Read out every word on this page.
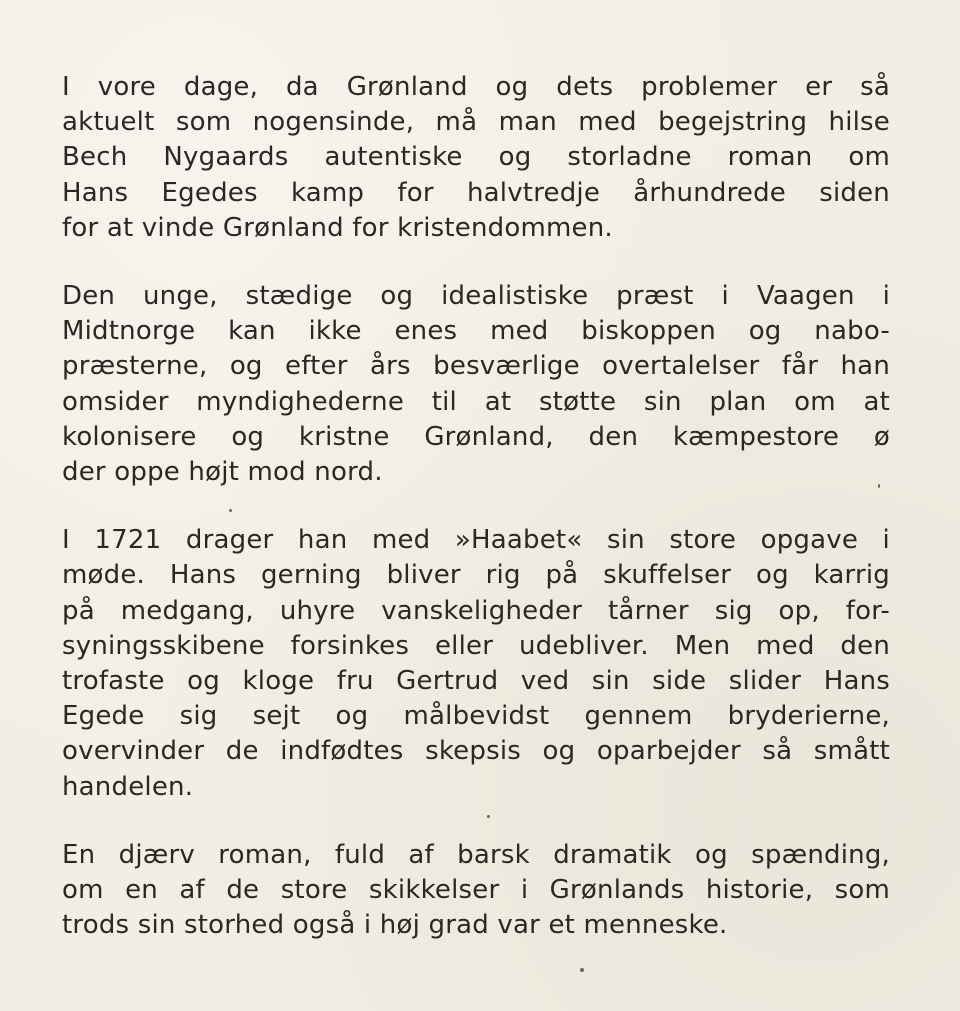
I vore dage, da Grønland og dets problemer er så
aktuelt som nogensinde, må man med begejstring hilse
Bech Nygaards autentiske og storladne roman om
Hans Egedes kamp for halvtredje århundrede siden
for at vinde Grønland for kristendommen.

Den unge, stædige og idealistiske præst i Vaagen i
Midtnorge kan ikke enes med biskoppen og nabo-
præsterne, og efter års besværlige overtalelser får han
omsider myndighederne til at støtte sin plan om at
kolonisere og kristne Grønland, den kæmpestore ø
der oppe højt mod nord.

I 1721 drager han med »Haabet« sin store opgave i
møde. Hans gerning bliver rig på skuffelser og karrig
på medgang, uhyre vanskeligheder tårner sig op, for-
syningsskibene forsinkes eller udebliver. Men med den
trofaste og kloge fru Gertrud ved sin side slider Hans
Egede sig sejt og målbevidst gennem bryderierne,
overvinder de indfødtes skepsis og oparbejder så smått
handelen.

En djærv roman, fuld af barsk dramatik og spænding,
om en af de store skikkelser i Grønlands historie, som
trods sin storhed også i høj grad var et menneske.
